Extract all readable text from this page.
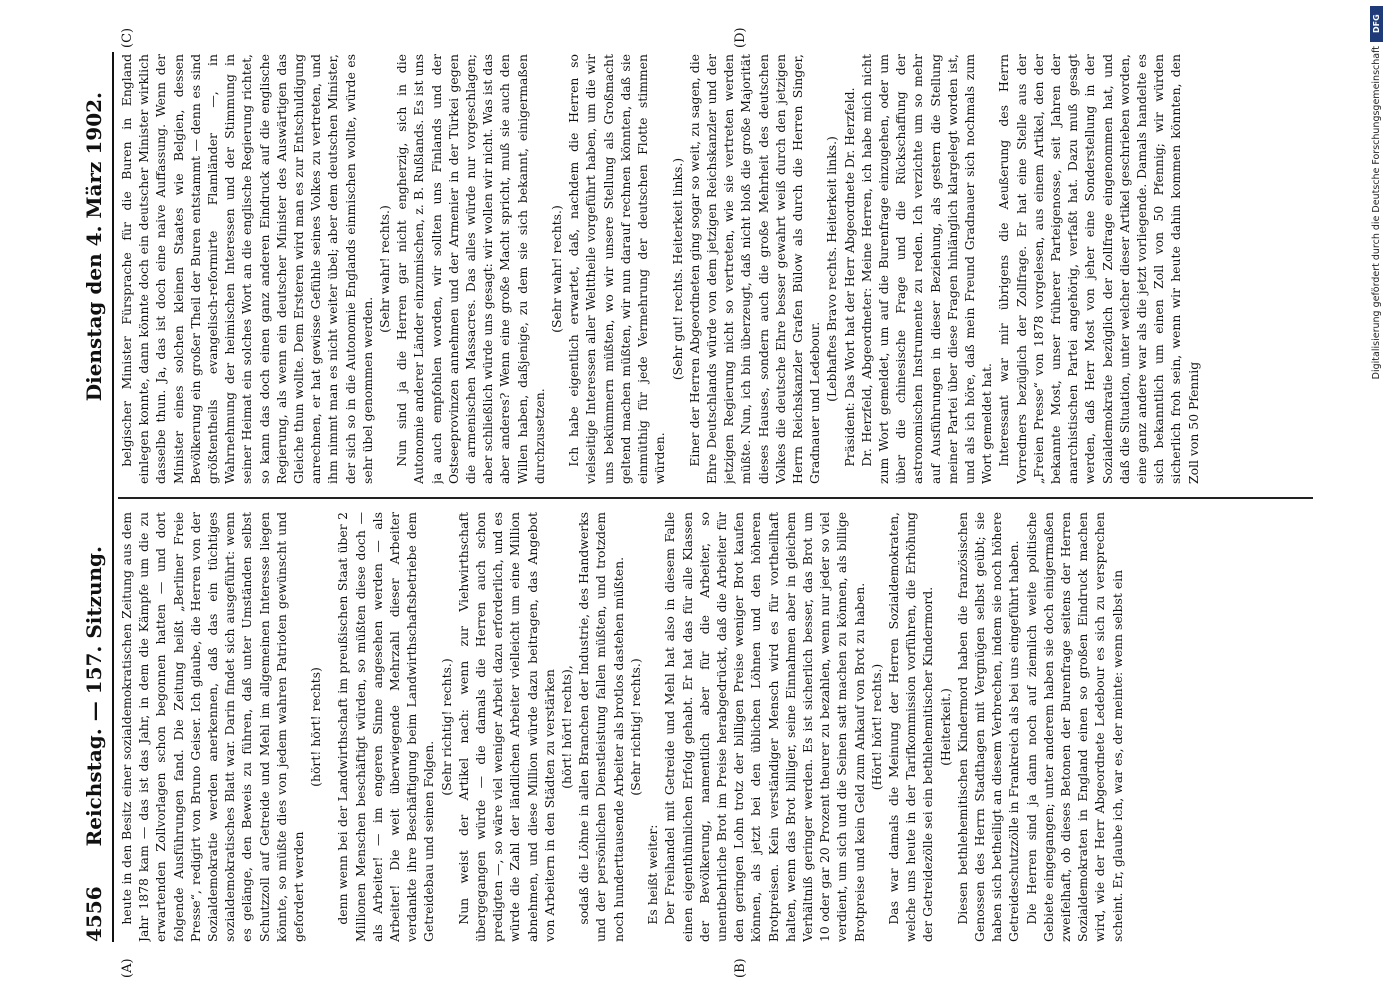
4556
Reichstag. — 157. Sitzung.
Dienstag den 4. März 1902.
(A)	(B)
(C)	(D)

heute in den Besitz einer sozialdemokratischen Zeitung aus dem Jahr 1878 kam — das ist das Jahr, in dem die Kämpfe um die zu erwartenden Zollvorlagen schon begonnen hatten — und dort folgende Ausführungen fand. Die Zeitung heißt „Berliner Freie Presse“, redigirt von Bruno Geiser. Ich glaube, die Herren von der Sozialdemokratie werden anerkennen, daß das ein tüchtiges sozialdemokratisches Blatt war. Darin findet sich ausgeführt: wenn es gelänge, den Beweis zu führen, daß unter Umständen selbst Schutzzoll auf Getreide und Mehl im allgemeinen Interesse liegen könnte, so müßte dies von jedem wahren Patrioten gewünscht und gefordert werden

(hört! hört! rechts) denn wenn bei der Landwirthschaft im preußischen Staat über 2 Millionen Menschen beschäftigt würden, so müßten diese doch — als Arbeiter! — im engeren Sinne angesehen werden — als Arbeiter! Die weit überwiegende Mehrzahl dieser Arbeiter verdankte ihre Beschäftigung beim Landwirthschaftsbetriebe dem Getreidebau und seinen Folgen.

(Sehr richtig! rechts.) Nun weist der Artikel nach: wenn zur Viehwirthschaft übergegangen würde — die damals die Herren auch schon predigten —, so wäre viel weniger Arbeit dazu erforderlich, und es würde die Zahl der ländlichen Arbeiter vielleicht um eine Million abnehmen, und diese Million würde dazu beitragen, das Angebot von Arbeitern in den Städten zu verstärken (hört! hört! rechts), sodaß die Löhne in allen Branchen der Industrie, des Handwerks und der persönlichen Dienstleistung fallen müßten, und trotzdem noch hunderttausende Arbeiter als brotlos dastehen müßten. (Sehr richtig! rechts.)

Es heißt weiter: Der Freihandel mit Getreide und Mehl hat also in diesem Falle einen eigenthümlichen Erfolg gehabt. Er hat das für alle Klassen der Bevölkerung, namentlich aber für die Arbeiter, so unentbehrliche Brot im Preise herabgedrückt, daß die Arbeiter für den geringen Lohn trotz der billigen Preise weniger Brot kaufen können, als jetzt bei den üblichen Löhnen und den höheren Brotpreisen. Kein verständiger Mensch wird es für vortheilhaft halten, wenn das Brot billiger, seine Einnahmen aber in gleichem Verhältniß geringer werden. Es ist sicherlich besser, das Brot um 10 oder gar 20 Prozent theurer zu bezahlen, wenn nur jeder so viel verdient, um sich und die Seinen satt machen zu können, als billige Brotpreise und kein Geld zum Ankauf von Brot zu haben. (Hört! hört! rechts.) Das war damals die Meinung der Herren Sozialdemokraten, welche uns heute in der Tarifkommission vorführen, die Erhöhung der Getreidezölle sei ein bethlehemitischer Kindermord. (Heiterkeit.) Diesen bethlehemitischen Kindermord haben die französischen Genossen des Herrn Stadthagen mit Vergnügen selbst geübt; sie haben sich betheiligt an diesem Verbrechen, indem sie noch höhere Getreideschutzzölle in Frankreich als bei uns eingeführt haben. Die Herren sind ja dann noch auf ziemlich weite politische Gebiete eingegangen; unter anderem haben sie doch einigermaßen zweifelhaft, ob dieses Betonen der Burenfrage seitens der Herren Sozialdemokraten in England einen so großen Eindruck machen wird, wie der Herr Abgeordnete Ledebour es sich zu versprechen scheint. Er, glaube ich, war es, der meinte: wenn selbst ein

belgischer Minister Fürsprache für die Buren in England einlegen konnte, dann könnte doch ein deutscher Minister wirklich dasselbe thun. Ja, das ist doch eine naive Auffassung. Wenn der Minister eines solchen kleinen Staates wie Belgien, dessen Bevölkerung ein großer Theil der Buren entstammt — denn es sind größtentheils evangelisch-reformirte Flamländer —, in Wahrnehmung der heimischen Interessen und der Stimmung in seiner Heimat ein solches Wort an die englische Regierung richtet, so kann das doch einen ganz anderen Eindruck auf die englische Regierung, als wenn ein deutscher Minister des Auswärtigen das Gleiche thun wollte. Dem Ersteren wird man es zur Entschuldigung anrechnen, er hat gewisse Gefühle seines Volkes zu vertreten, und ihm nimmt man es nicht weiter übel; aber dem deutschen Minister, der sich so in die Autonomie Englands einmischen wollte, würde es sehr übel genommen werden.

(Sehr wahr! rechts.) Nun sind ja die Herren gar nicht engherzig, sich in die Autonomie anderer Länder einzumischen, z. B. Rußlands. Es ist uns ja auch empfohlen worden, wir sollten uns Finlands und der Ostseeprovinzen annehmen und der Armenier in der Türkei gegen die armenischen Massacres. Das alles würde nur vorgeschlagen; aber schließlich würde uns gesagt: wir wollen wir nicht. Was ist das aber anderes? Wenn eine große Macht spricht, muß sie auch den Willen haben, daßjenige, zu dem sie sich bekannt, einigermaßen durchzusetzen.

(Sehr wahr! rechts.) Ich habe eigentlich erwartet, daß, nachdem die Herren so vielseitige Interessen aller Welttheile vorgeführt haben, um die wir uns bekümmern müßten, wo wir unsere Stellung als Großmacht geltend machen müßten, wir nun darauf rechnen könnten, daß sie einmüthig für jede Vermehrung der deutschen Flotte stimmen würden.

(Sehr gut! rechts. Heiterkeit links.) Einer der Herren Abgeordneten ging sogar so weit, zu sagen, die Ehre Deutschlands würde von dem jetzigen Reichskanzler und der jetzigen Regierung nicht so vertreten, wie sie vertreten werden müßte. Nun, ich bin überzeugt, daß nicht bloß die große Majorität dieses Hauses, sondern auch die große Mehrheit des deutschen Volkes die deutsche Ehre besser gewahrt weiß durch den jetzigen Herrn Reichskanzler Grafen Bülow als durch die Herren Singer, Gradnauer und Ledebour.

(Lebhaftes Bravo rechts. Heiterkeit links.) Präsident: Das Wort hat der Herr Abgeordnete Dr. Herzfeld. Dr. Herzfeld, Abgeordneter: Meine Herren, ich habe mich nicht zum Wort gemeldet, um auf die Burenfrage einzugehen, oder um über die chinesische Frage und die Rückschaffung der astronomischen Instrumente zu reden. Ich verzichte um so mehr auf Ausführungen in dieser Beziehung, als gestern die Stellung meiner Partei über diese Fragen hinlänglich klargelegt worden ist, und als ich höre, daß mein Freund Gradnauer sich nochmals zum Wort gemeldet hat. Interessant war mir übrigens die Aeußerung des Herrn Vorredners bezüglich der Zollfrage. Er hat eine Stelle aus der „Freien Presse“ von 1878 vorgelesen, aus einem Artikel, den der bekannte Most, unser früherer Parteigenosse, seit Jahren der anarchistischen Partei angehörig, verfaßt hat. Dazu muß gesagt werden, daß Herr Most von jeher eine Sonderstellung in der Sozialdemokratie bezüglich der Zollfrage eingenommen hat, und daß die Situation, unter welcher dieser Artikel geschrieben worden, eine ganz andere war als die jetzt vorliegende. Damals handelte es sich bekanntlich um einen Zoll von 50 Pfennig; wir würden sicherlich froh sein, wenn wir heute dahin kommen könnten, den Zoll von 50 Pfennig

DFG
Digitalisierung gefördert durch die Deutsche Forschungsgemeinschaft
